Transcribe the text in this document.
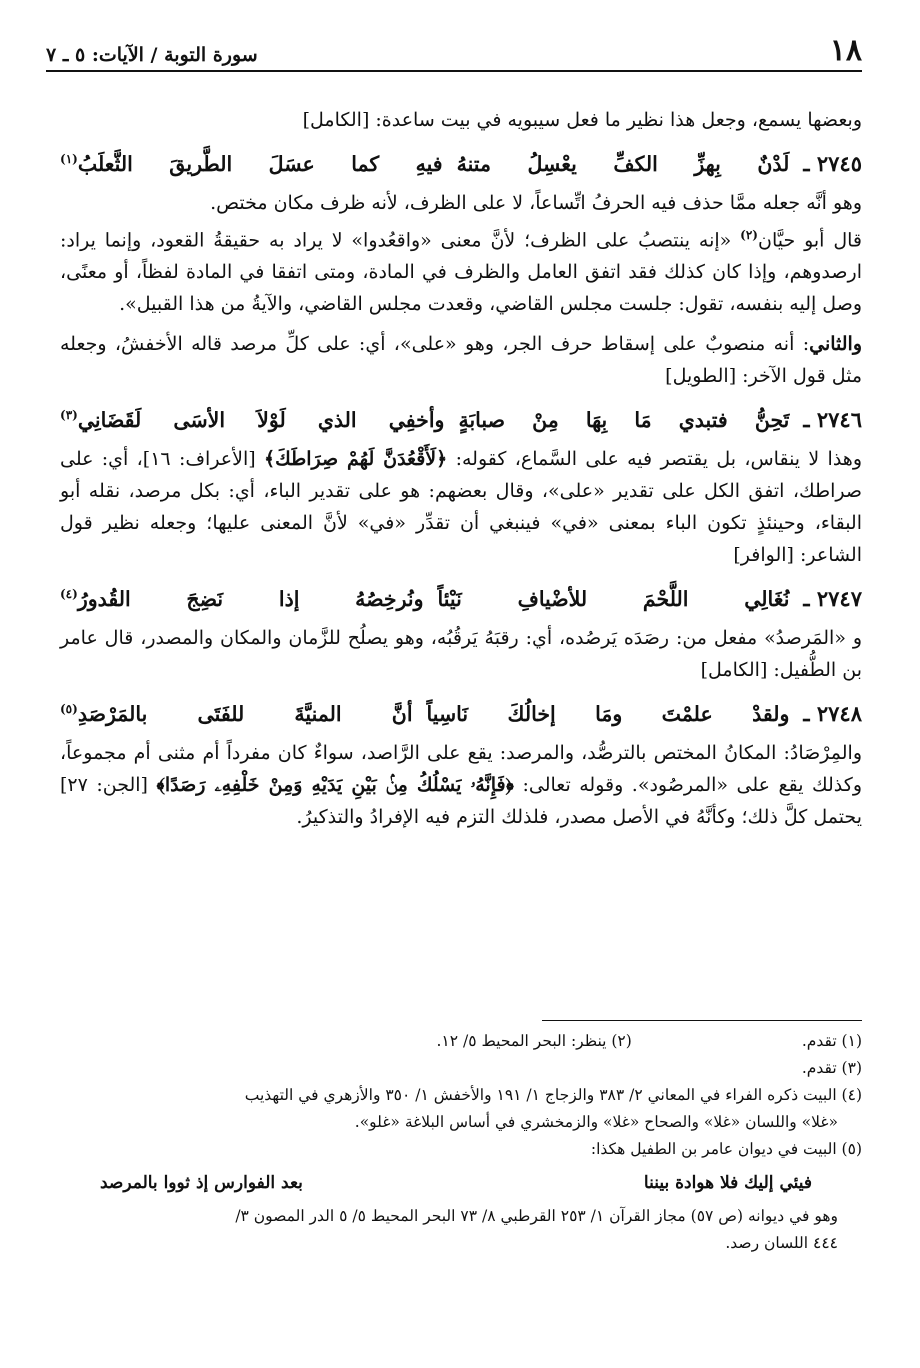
١٨
سورة التوبة / الآيات: ٥ ـ ٧

وبعضها يسمع، وجعل هذا نظير ما فعل سيبويه في بيت ساعدة: [الكامل]

٢٧٤٥ ـ
لَدْنٌ بِهزِّ الكفِّ يعْسِلُ متنهُ
فيهِ كما عسَلَ الطَّريقَ الثَّعلَبُ$^{(١)}$

وهو أنَّه جعله ممَّا حذف فيه الحرفُ اتِّساعاً، لا على الظرف، لأنه ظرف مكان مختص.

قال أبو حيَّان$^{(٢)}$ «إنه ينتصبُ على الظرف؛ لأنَّ معنى «واقعُدوا» لا يراد به حقيقةُ القعود، وإنما يراد: ارصدوهم، وإذا كان كذلك فقد اتفق العامل والظرف في المادة، ومتى اتفقا في المادة لفظاً، أو معنًى، وصل إليه بنفسه، تقول: جلست مجلس القاضي، وقعدت مجلس القاضي، والآيةُ من هذا القبيل».

والثاني: أنه منصوبٌ على إسقاط حرف الجر، وهو «على»، أي: على كلِّ مرصد قاله الأخفشُ، وجعله مثل قول الآخر: [الطويل]

٢٧٤٦ ـ
تَحِنُّ فتبدي مَا بِهَا مِنْ صبابَةٍ
وأخفِي الذي لَوْلاَ الأسَى لَقَضَانِي$^{(٣)}$

وهذا لا ينقاس، بل يقتصر فيه على السَّماع، كقوله: ﴿لَأَقْعُدَنَّ لَهُمْ صِرَاطَكَ﴾ [الأعراف: ١٦]، أي: على صراطك، اتفق الكل على تقدير «على»، وقال بعضهم: هو على تقدير الباء، أي: بكل مرصد، نقله أبو البقاء، وحينئذٍ تكون الباء بمعنى «في» فينبغي أن تقدِّر «في» لأنَّ المعنى عليها؛ وجعله نظير قول الشاعر: [الوافر]

٢٧٤٧ ـ
نُغَالِي اللَّحْمَ للأضْيافِ نَيْئاً
ونُرخِصُهُ إذا نَضِجَ القُدورُ$^{(٤)}$

و «المَرصدُ» مفعل من: رصَدَه يَرصُده، أي: رقبَهُ يَرقُبُه، وهو يصلُح للزَّمان والمكان والمصدر، قال عامر بن الطُّفيل: [الكامل]

٢٧٤٨ ـ
ولقدْ علمْتَ ومَا إخالُكَ نَاسِياً
أنَّ المنيَّةَ للفَتَى بالمَرْصَدِ$^{(٥)}$

والمِرْصَادُ: المكانُ المختص بالترصُّد، والمرصد: يقع على الرَّاصد، سواءٌ كان مفرداً أم مثنى أم مجموعاً، وكذلك يقع على «المرصُود». وقوله تعالى: ﴿فَإِنَّهُۥ يَسْلُكُ مِنۢ بَيْنِ يَدَيْهِ وَمِنْ خَلْفِهِۦ رَصَدًا﴾ [الجن: ٢٧] يحتمل كلَّ ذلك؛ وكأنَّهُ في الأصل مصدر، فلذلك التزم فيه الإفرادُ والتذكيرُ.

(١) تقدم.
(٢) ينظر: البحر المحيط ٥/ ١٢.

(٣) تقدم.

(٤) البيت ذكره الفراء في المعاني ٢/ ٣٨٣ والزجاج ١/ ١٩١ والأخفش ١/ ٣٥٠ والأزهري في التهذيب

«غلا» واللسان «غلا» والصحاح «غلا» والزمخشري في أساس البلاغة «غلو».

(٥) البيت في ديوان عامر بن الطفيل هكذا:

فيئي إليك فلا هوادة بيننا
بعد الفوارس إذ ثووا بالمرصد

وهو في ديوانه (ص ٥٧) مجاز القرآن ١/ ٢٥٣ القرطبي ٨/ ٧٣ البحر المحيط ٥/ ٥ الدر المصون ٣/

٤٤٤ اللسان رصد.
